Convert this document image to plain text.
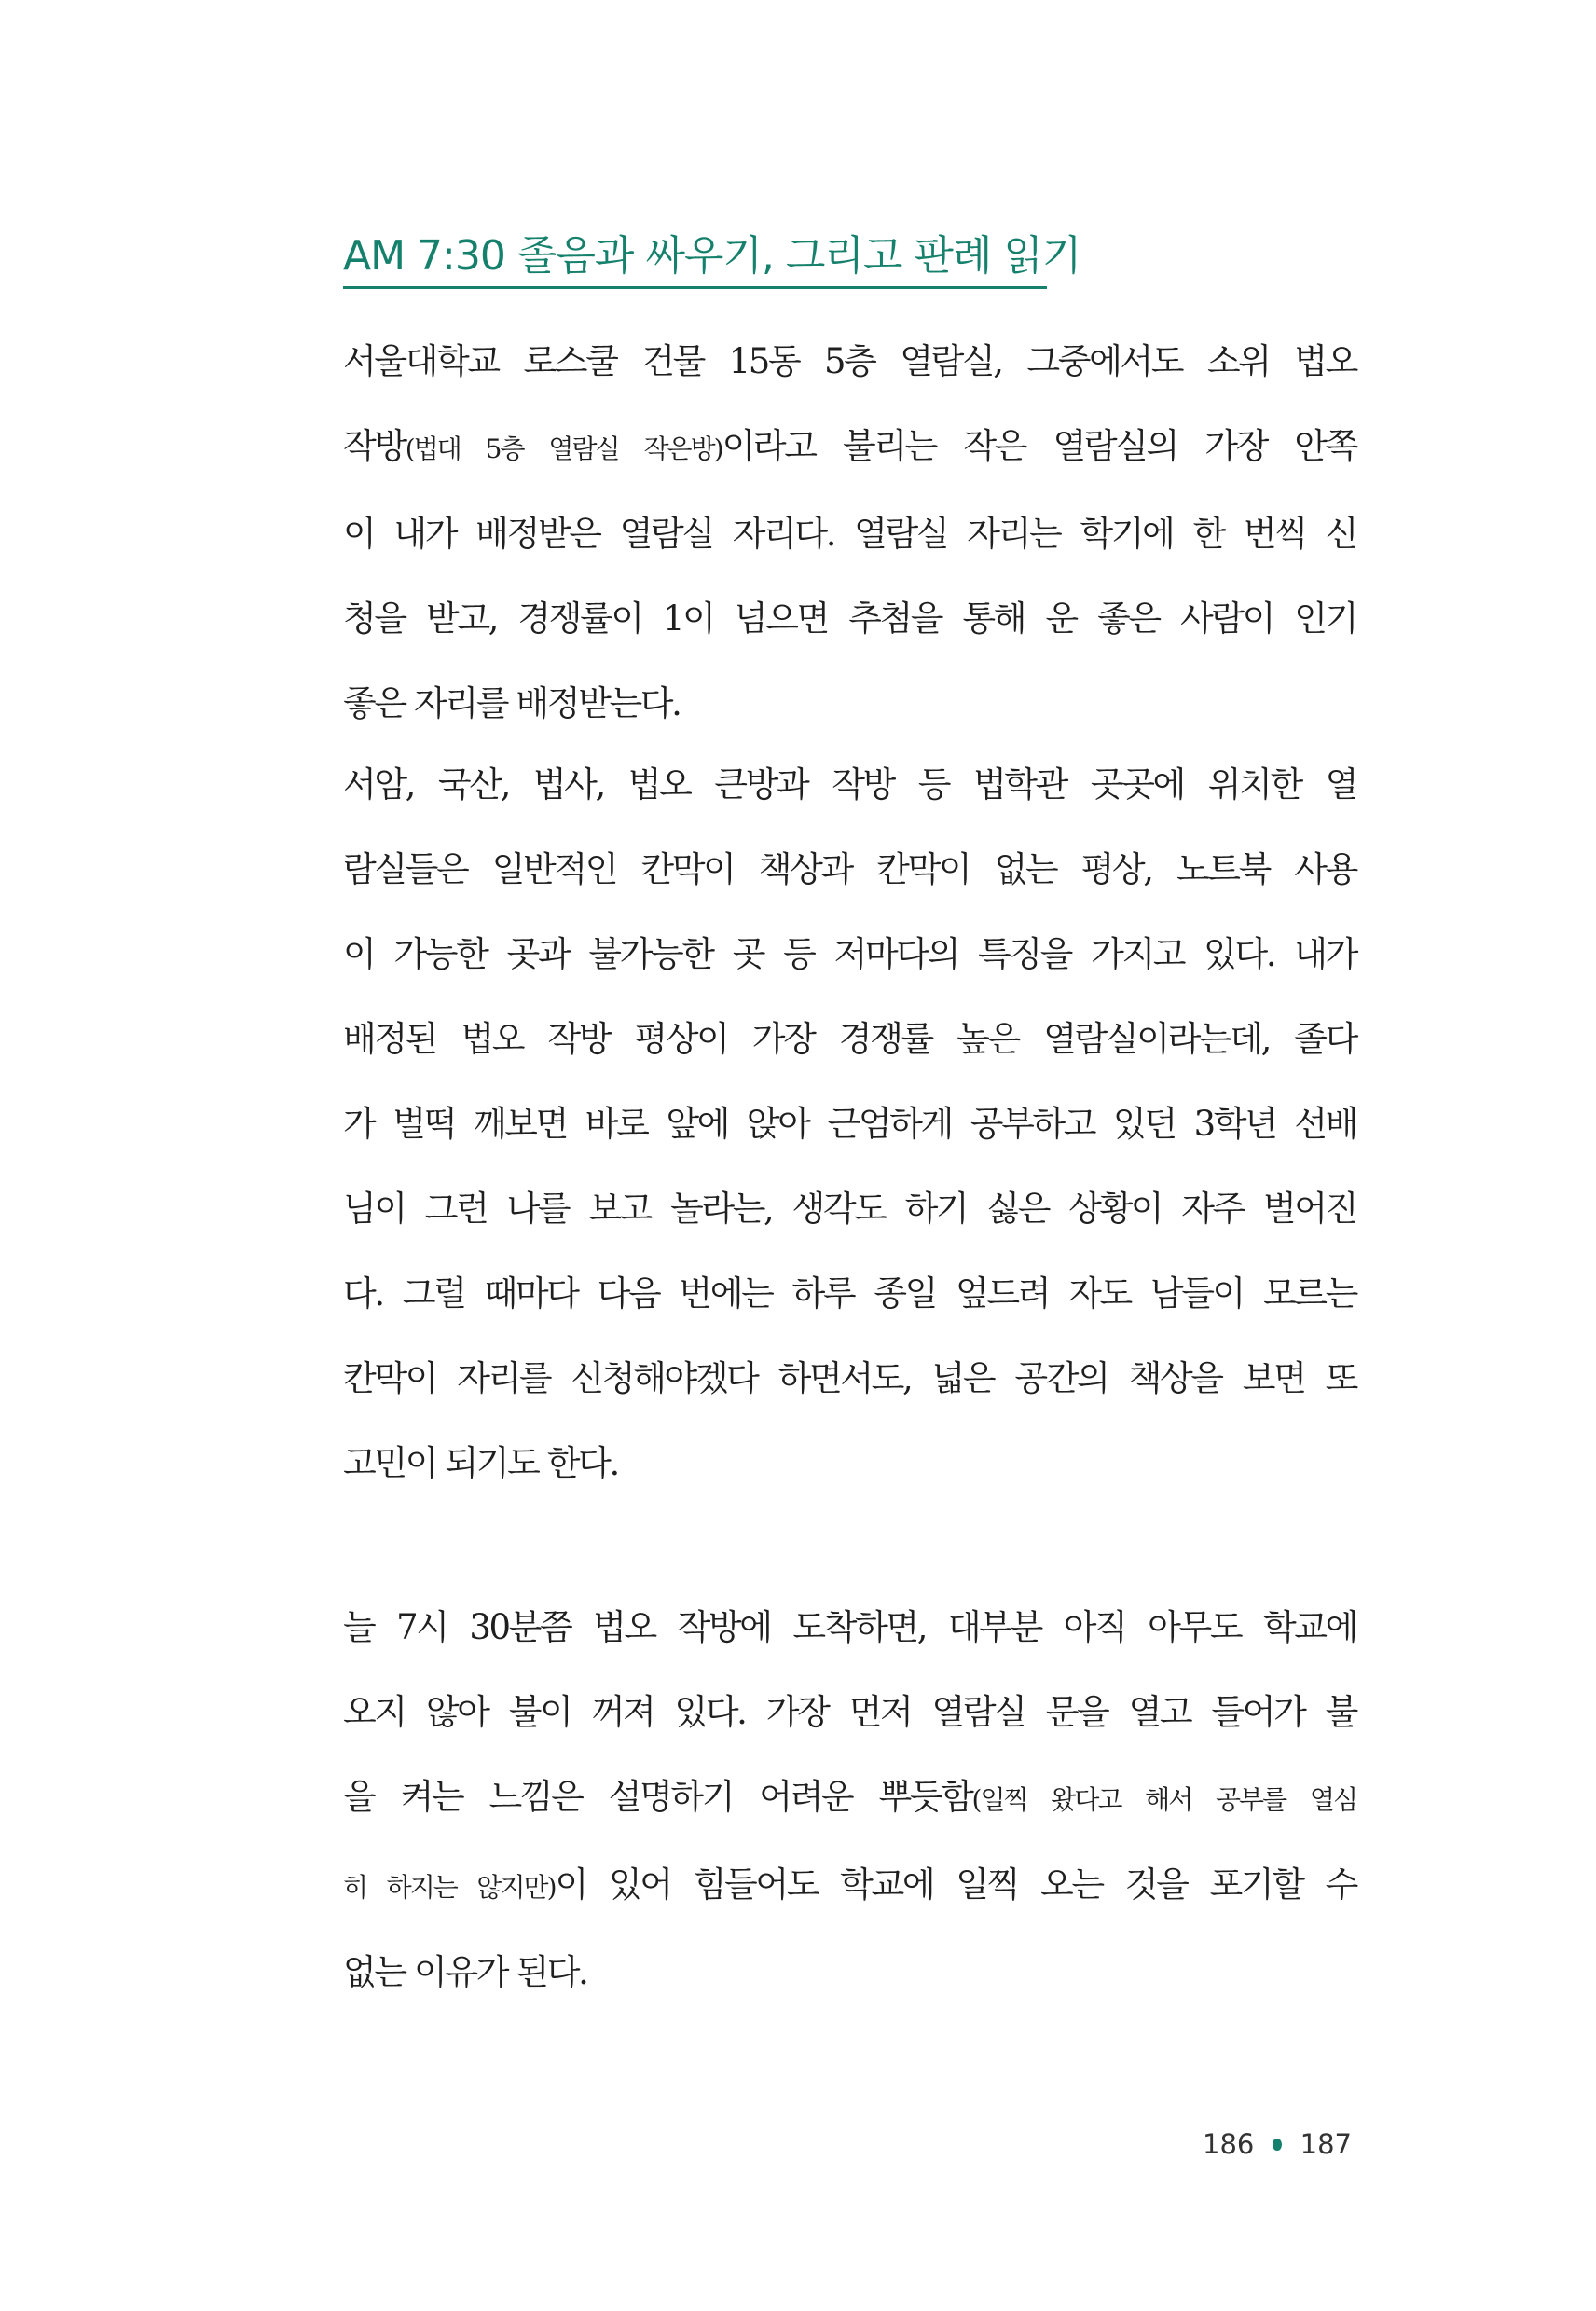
AM 7:30 졸음과 싸우기, 그리고 판례 읽기

서울대학교 로스쿨 건물 15동 5층 열람실, 그중에서도 소위 법오
작방(법대 5층 열람실 작은방)이라고 불리는 작은 열람실의 가장 안쪽
이 내가 배정받은 열람실 자리다. 열람실 자리는 학기에 한 번씩 신
청을 받고, 경쟁률이 1이 넘으면 추첨을 통해 운 좋은 사람이 인기
좋은 자리를 배정받는다.

서암, 국산, 법사, 법오 큰방과 작방 등 법학관 곳곳에 위치한 열
람실들은 일반적인 칸막이 책상과 칸막이 없는 평상, 노트북 사용
이 가능한 곳과 불가능한 곳 등 저마다의 특징을 가지고 있다. 내가
배정된 법오 작방 평상이 가장 경쟁률 높은 열람실이라는데, 졸다
가 벌떡 깨보면 바로 앞에 앉아 근엄하게 공부하고 있던 3학년 선배
님이 그런 나를 보고 놀라는, 생각도 하기 싫은 상황이 자주 벌어진
다. 그럴 때마다 다음 번에는 하루 종일 엎드려 자도 남들이 모르는
칸막이 자리를 신청해야겠다 하면서도, 넓은 공간의 책상을 보면 또
고민이 되기도 한다.

늘 7시 30분쯤 법오 작방에 도착하면, 대부분 아직 아무도 학교에
오지 않아 불이 꺼져 있다. 가장 먼저 열람실 문을 열고 들어가 불
을 켜는 느낌은 설명하기 어려운 뿌듯함(일찍 왔다고 해서 공부를 열심
히 하지는 않지만)이 있어 힘들어도 학교에 일찍 오는 것을 포기할 수
없는 이유가 된다.

186 187
